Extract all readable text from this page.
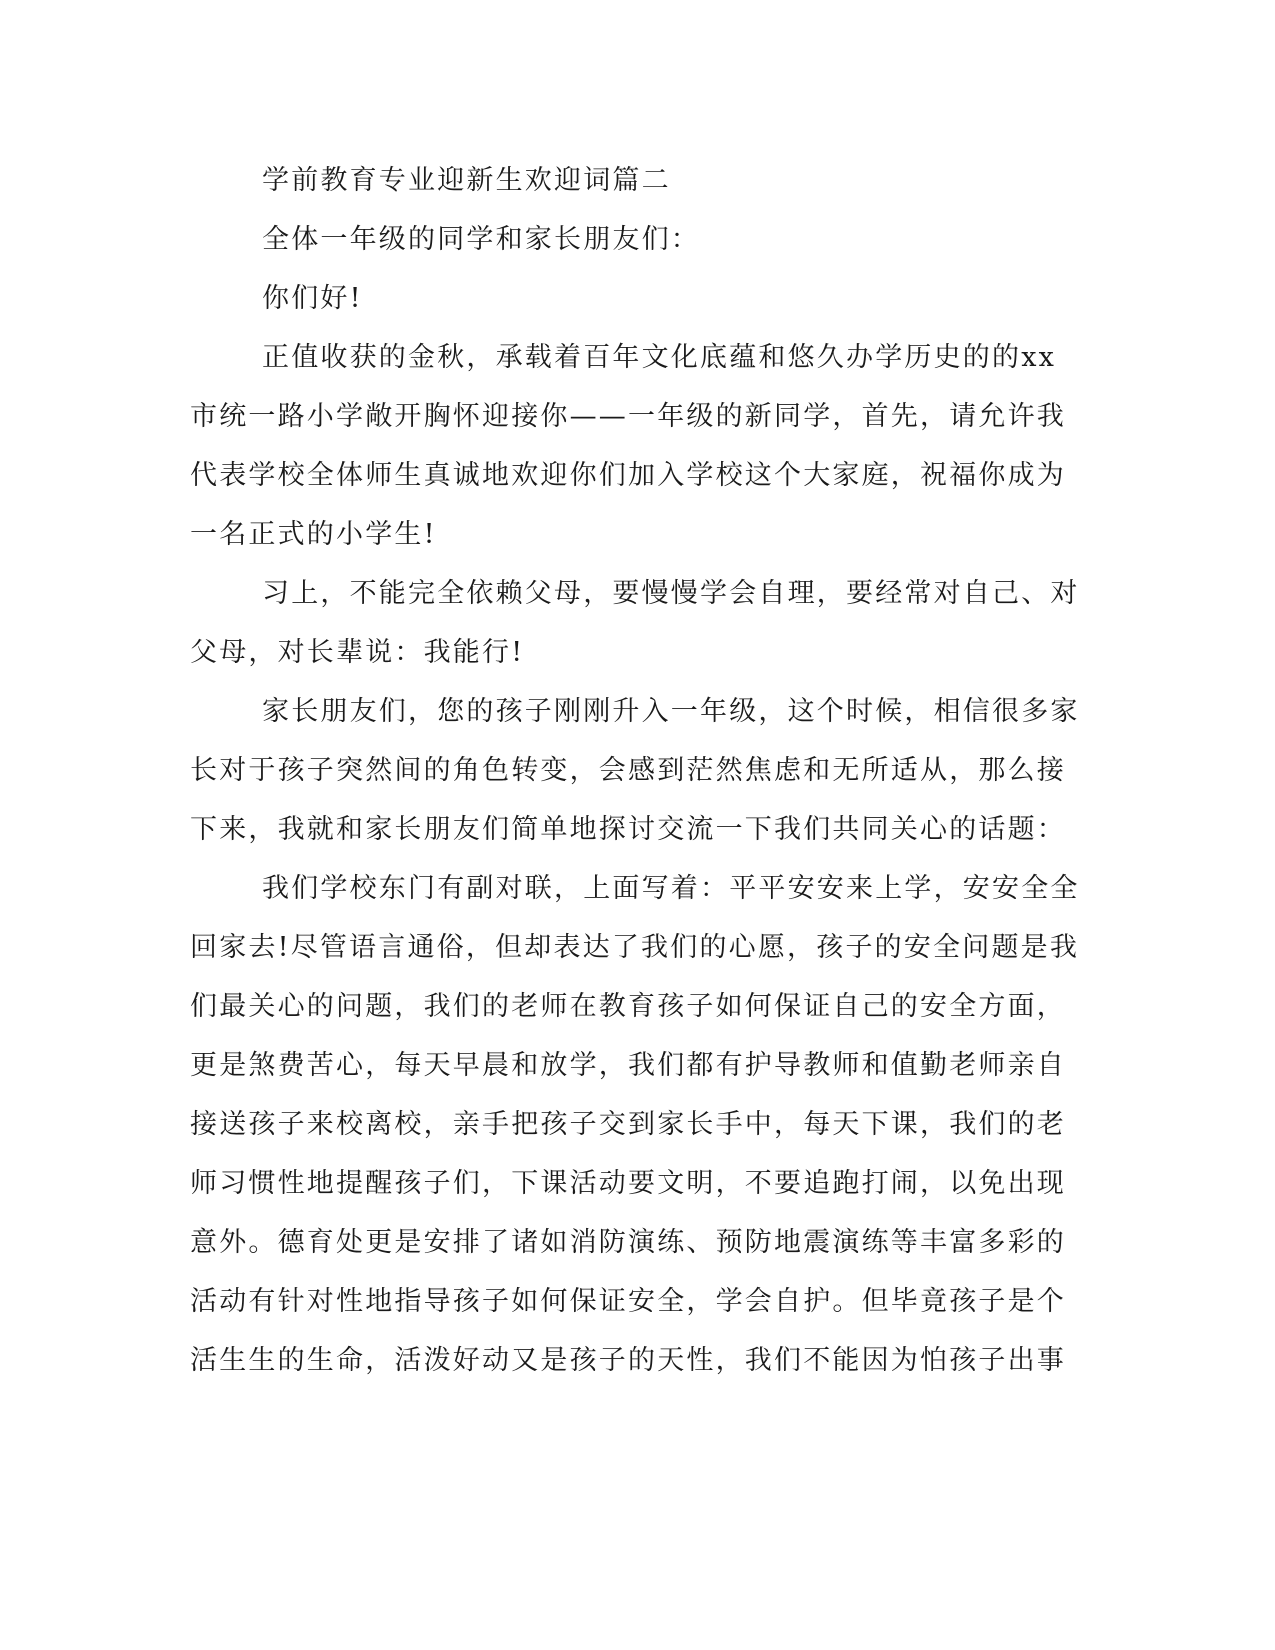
学前教育专业迎新生欢迎词篇二
全体一年级的同学和家长朋友们：
你们好!
正值收获的金秋，承载着百年文化底蕴和悠久办学历史的的xx
市统一路小学敞开胸怀迎接你——一年级的新同学，首先，请允许我
代表学校全体师生真诚地欢迎你们加入学校这个大家庭，祝福你成为
一名正式的小学生!
习上，不能完全依赖父母，要慢慢学会自理，要经常对自己、对
父母，对长辈说：我能行!
家长朋友们，您的孩子刚刚升入一年级，这个时候，相信很多家
长对于孩子突然间的角色转变，会感到茫然焦虑和无所适从，那么接
下来，我就和家长朋友们简单地探讨交流一下我们共同关心的话题：
我们学校东门有副对联，上面写着：平平安安来上学，安安全全
回家去!尽管语言通俗，但却表达了我们的心愿，孩子的安全问题是我
们最关心的问题，我们的老师在教育孩子如何保证自己的安全方面，
更是煞费苦心，每天早晨和放学，我们都有护导教师和值勤老师亲自
接送孩子来校离校，亲手把孩子交到家长手中，每天下课，我们的老
师习惯性地提醒孩子们，下课活动要文明，不要追跑打闹，以免出现
意外。德育处更是安排了诸如消防演练、预防地震演练等丰富多彩的
活动有针对性地指导孩子如何保证安全，学会自护。但毕竟孩子是个
活生生的生命，活泼好动又是孩子的天性，我们不能因为怕孩子出事
